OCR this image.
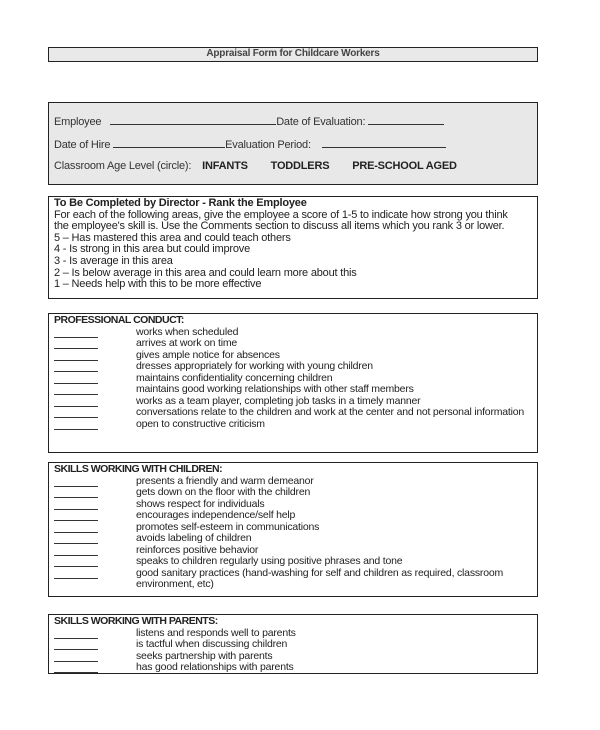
Appraisal Form for Childcare Workers
Employee	Date of Evaluation:
Date of Hire	Evaluation Period:
Classroom Age Level (circle): INFANTS TODDLERS PRE-SCHOOL AGED
To Be Completed by Director - Rank the Employee
For each of the following areas, give the employee a score of 1-5 to indicate how strong you think
the employee's skill is. Use the Comments section to discuss all items which you rank 3 or lower.
5 – Has mastered this area and could teach others
4 - Is strong in this area but could improve
3 - Is average in this area
2 – Is below average in this area and could learn more about this
1 – Needs help with this to be more effective
PROFESSIONAL CONDUCT:
works when scheduled
arrives at work on time
gives ample notice for absences
dresses appropriately for working with young children
maintains confidentiality concerning children
maintains good working relationships with other staff members
works as a team player, completing job tasks in a timely manner
conversations relate to the children and work at the center and not personal information
open to constructive criticism
SKILLS WORKING WITH CHILDREN:
presents a friendly and warm demeanor
gets down on the floor with the children
shows respect for individuals
encourages independence/self help
promotes self-esteem in communications
avoids labeling of children
reinforces positive behavior
speaks to children regularly using positive phrases and tone
good sanitary practices (hand-washing for self and children as required, classroom environment, etc)
SKILLS WORKING WITH PARENTS:
listens and responds well to parents
is tactful when discussing children
seeks partnership with parents
has good relationships with parents
